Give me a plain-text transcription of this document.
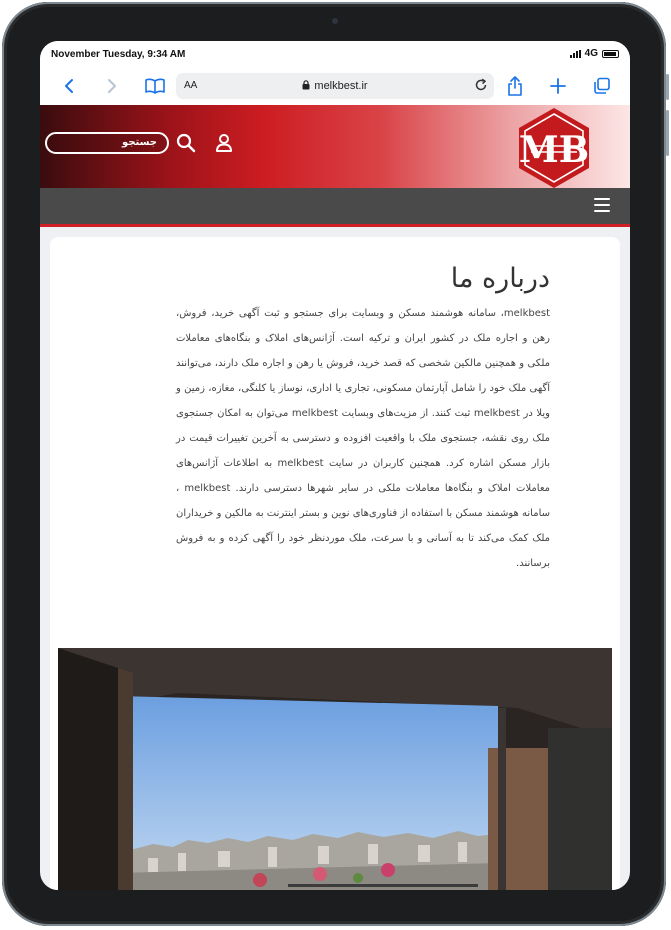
November Tuesday, 9:34 AM	4G
AA	melkbest.ir
جستجو	MB
درباره ما

melkbest، سامانه هوشمند مسکن و وبسایت برای جستجو و ثبت آگهی خرید، فروش، رهن و اجاره ملک در کشور ایران و ترکیه است. آژانس‌های املاک و بنگاه‌های معاملات ملکی و همچنین مالکین شخصی که قصد خرید، فروش یا رهن و اجاره ملک دارند، می‌توانند آگهی ملک خود را شامل آپارتمان مسکونی، تجاری یا اداری، نوساز یا کلنگی، مغازه، زمین و ویلا در melkbest ثبت کنند. از مزیت‌های وبسایت melkbest می‌توان به امکان جستجوی ملک روی نقشه، جستجوی ملک با واقعیت افزوده و دسترسی به آخرین تغییرات قیمت در بازار مسکن اشاره کرد. همچنین کاربران در سایت melkbest به اطلاعات آژانس‌های معاملات املاک و بنگاه‌ها معاملات ملکی در سایر شهرها دسترسی دارند. melkbest ، سامانه هوشمند مسکن با استفاده از فناوری‌های نوین و بستر اینترنت به مالکین و خریداران ملک کمک می‌کند تا به آسانی و با سرعت، ملک موردنظر خود را آگهی کرده و به فروش برسانند.
